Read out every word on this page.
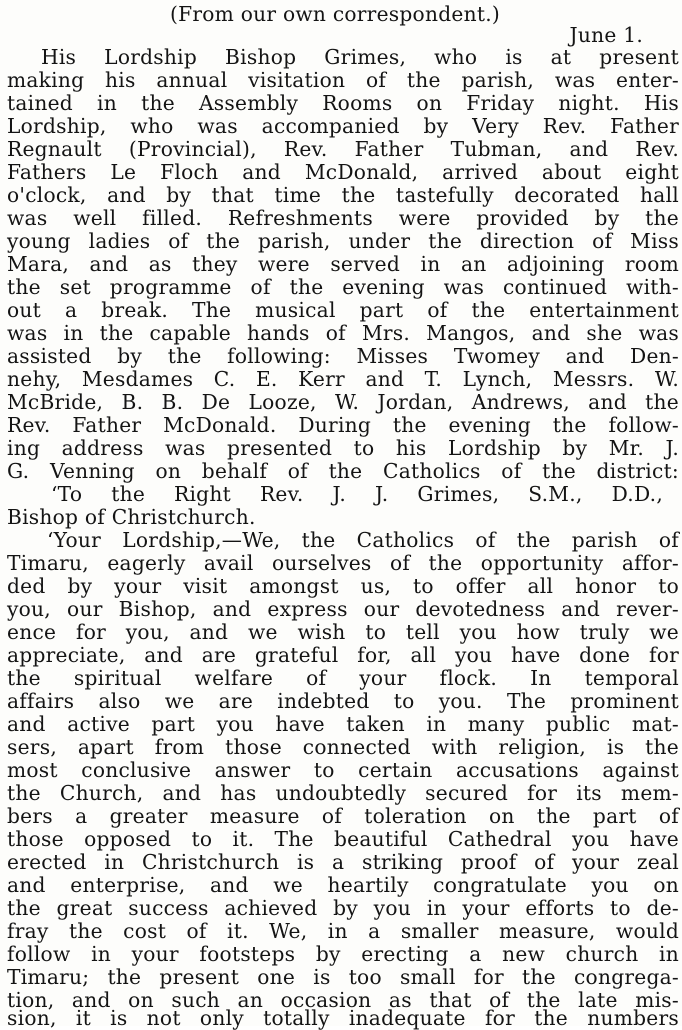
(From our own correspondent.)
June 1.
His Lordship Bishop Grimes, who is at present
making his annual visitation of the parish, was enter-
tained in the Assembly Rooms on Friday night. His
Lordship, who was accompanied by Very Rev. Father
Regnault (Provincial), Rev. Father Tubman, and Rev.
Fathers Le Floch and McDonald, arrived about eight
o'clock, and by that time the tastefully decorated hall
was well filled. Refreshments were provided by the
young ladies of the parish, under the direction of Miss
Mara, and as they were served in an adjoining room
the set programme of the evening was continued with-
out a break. The musical part of the entertainment
was in the capable hands of Mrs. Mangos, and she was
assisted by the following: Misses Twomey and Den-
nehy, Mesdames C. E. Kerr and T. Lynch, Messrs. W.
McBride, B. B. De Looze, W. Jordan, Andrews, and the
Rev. Father McDonald. During the evening the follow-
ing address was presented to his Lordship by Mr. J.
G. Venning on behalf of the Catholics of the district:
‘To the Right Rev. J. J. Grimes, S.M., D.D.,
Bishop of Christchurch.
‘Your Lordship,—We, the Catholics of the parish of
Timaru, eagerly avail ourselves of the opportunity affor-
ded by your visit amongst us, to offer all honor to
you, our Bishop, and express our devotedness and rever-
ence for you, and we wish to tell you how truly we
appreciate, and are grateful for, all you have done for
the spiritual welfare of your flock. In temporal
affairs also we are indebted to you. The prominent
and active part you have taken in many public mat-
sers, apart from those connected with religion, is the
most conclusive answer to certain accusations against
the Church, and has undoubtedly secured for its mem-
bers a greater measure of toleration on the part of
those opposed to it. The beautiful Cathedral you have
erected in Christchurch is a striking proof of your zeal
and enterprise, and we heartily congratulate you on
the great success achieved by you in your efforts to de-
fray the cost of it. We, in a smaller measure, would
follow in your footsteps by erecting a new church in
Timaru; the present one is too small for the congrega-
tion, and on such an occasion as that of the late mis-
sion, it is not only totally inadequate for the numbers
